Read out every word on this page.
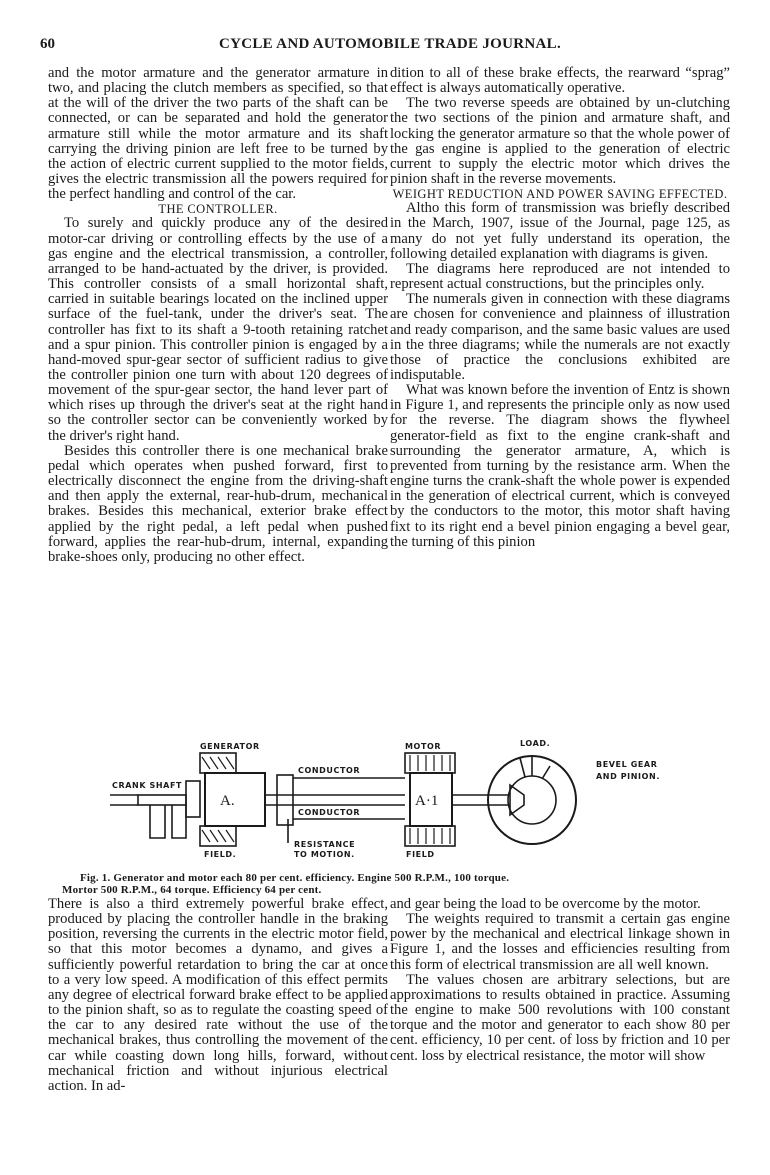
CYCLE AND AUTOMOBILE TRADE JOURNAL.
60

and the motor armature and the generator armature in two, and placing the clutch members as specified, so that at the will of the driver the two parts of the shaft can be connected, or can be separated and hold the generator armature still while the motor armature and its shaft carrying the driving pinion are left free to be turned by the action of electric current supplied to the motor fields, gives the electric transmission all the powers required for the perfect handling and control of the car.

THE CONTROLLER.

To surely and quickly produce any of the desired motor-car driving or controlling effects by the use of a gas engine and the electrical transmission, a controller, arranged to be hand-actuated by the driver, is provided. This controller consists of a small horizontal shaft, carried in suitable bearings located on the inclined upper surface of the fuel-tank, under the driver's seat. The controller has fixt to its shaft a 9-tooth retaining ratchet and a spur pinion. This controller pinion is engaged by a hand-moved spur-gear sector of sufficient radius to give the controller pinion one turn with about 120 degrees of movement of the spur-gear sector, the hand lever part of which rises up through the driver's seat at the right hand so the controller sector can be conveniently worked by the driver's right hand.

Besides this controller there is one mechanical brake pedal which operates when pushed forward, first to electrically disconnect the engine from the driving-shaft and then apply the external, rear-hub-drum, mechanical brakes. Besides this mechanical, exterior brake effect applied by the right pedal, a left pedal when pushed forward, applies the rear-hub-drum, internal, expanding brake-shoes only, producing no other effect.

dition to all of these brake effects, the rearward “sprag” effect is always automatically operative.

The two reverse speeds are obtained by un-clutching the two sections of the pinion and armature shaft, and locking the generator armature so that the whole power of the gas engine is applied to the generation of electric current to supply the electric motor which drives the pinion shaft in the reverse movements.

WEIGHT REDUCTION AND POWER SAVING EFFECTED.

Altho this form of transmission was briefly described in the March, 1907, issue of the Journal, page 125, as many do not yet fully understand its operation, the following detailed explanation with diagrams is given.

The diagrams here reproduced are not intended to represent actual constructions, but the principles only.

The numerals given in connection with these diagrams are chosen for convenience and plainness of illustration and ready comparison, and the same basic values are used in the three diagrams; while the numerals are not exactly those of practice the conclusions exhibited are indisputable.

What was known before the invention of Entz is shown in Figure 1, and represents the principle only as now used for the reverse. The diagram shows the flywheel generator-field as fixt to the engine crank-shaft and surrounding the generator armature, A, which is prevented from turning by the resistance arm. When the engine turns the crank-shaft the whole power is expended in the generation of electrical current, which is conveyed by the conductors to the motor, this motor shaft having fixt to its right end a bevel pinion engaging a bevel gear, the turning of this pinion

GENERATOR	MOTOR	LOAD.
BEVEL GEAR
AND PINION.
CRANK SHAFT
CONDUCTOR
CONDUCTOR
RESISTANCE
TO MOTION.
FIELD.	FIELD
A.	A·1
Fig. 1. Generator and motor each 80 per cent. efficiency. Engine 500 R.P.M., 100 torque.
Mortor 500 R.P.M., 64 torque. Efficiency 64 per cent.

There is also a third extremely powerful brake effect, produced by placing the controller handle in the braking position, reversing the currents in the electric motor field, so that this motor becomes a dynamo, and gives a sufficiently powerful retardation to bring the car at once to a very low speed. A modification of this effect permits any degree of electrical forward brake effect to be applied to the pinion shaft, so as to regulate the coasting speed of the car to any desired rate without the use of the mechanical brakes, thus controlling the movement of the car while coasting down long hills, forward, without mechanical friction and without injurious electrical action. In ad-

and gear being the load to be overcome by the motor.

The weights required to transmit a certain gas engine power by the mechanical and electrical linkage shown in Figure 1, and the losses and efficiencies resulting from this form of electrical transmission are all well known.

The values chosen are arbitrary selections, but are approximations to results obtained in practice. Assuming the engine to make 500 revolutions with 100 constant torque and the motor and generator to each show 80 per cent. efficiency, 10 per cent. of loss by friction and 10 per cent. loss by electrical resistance, the motor will show
